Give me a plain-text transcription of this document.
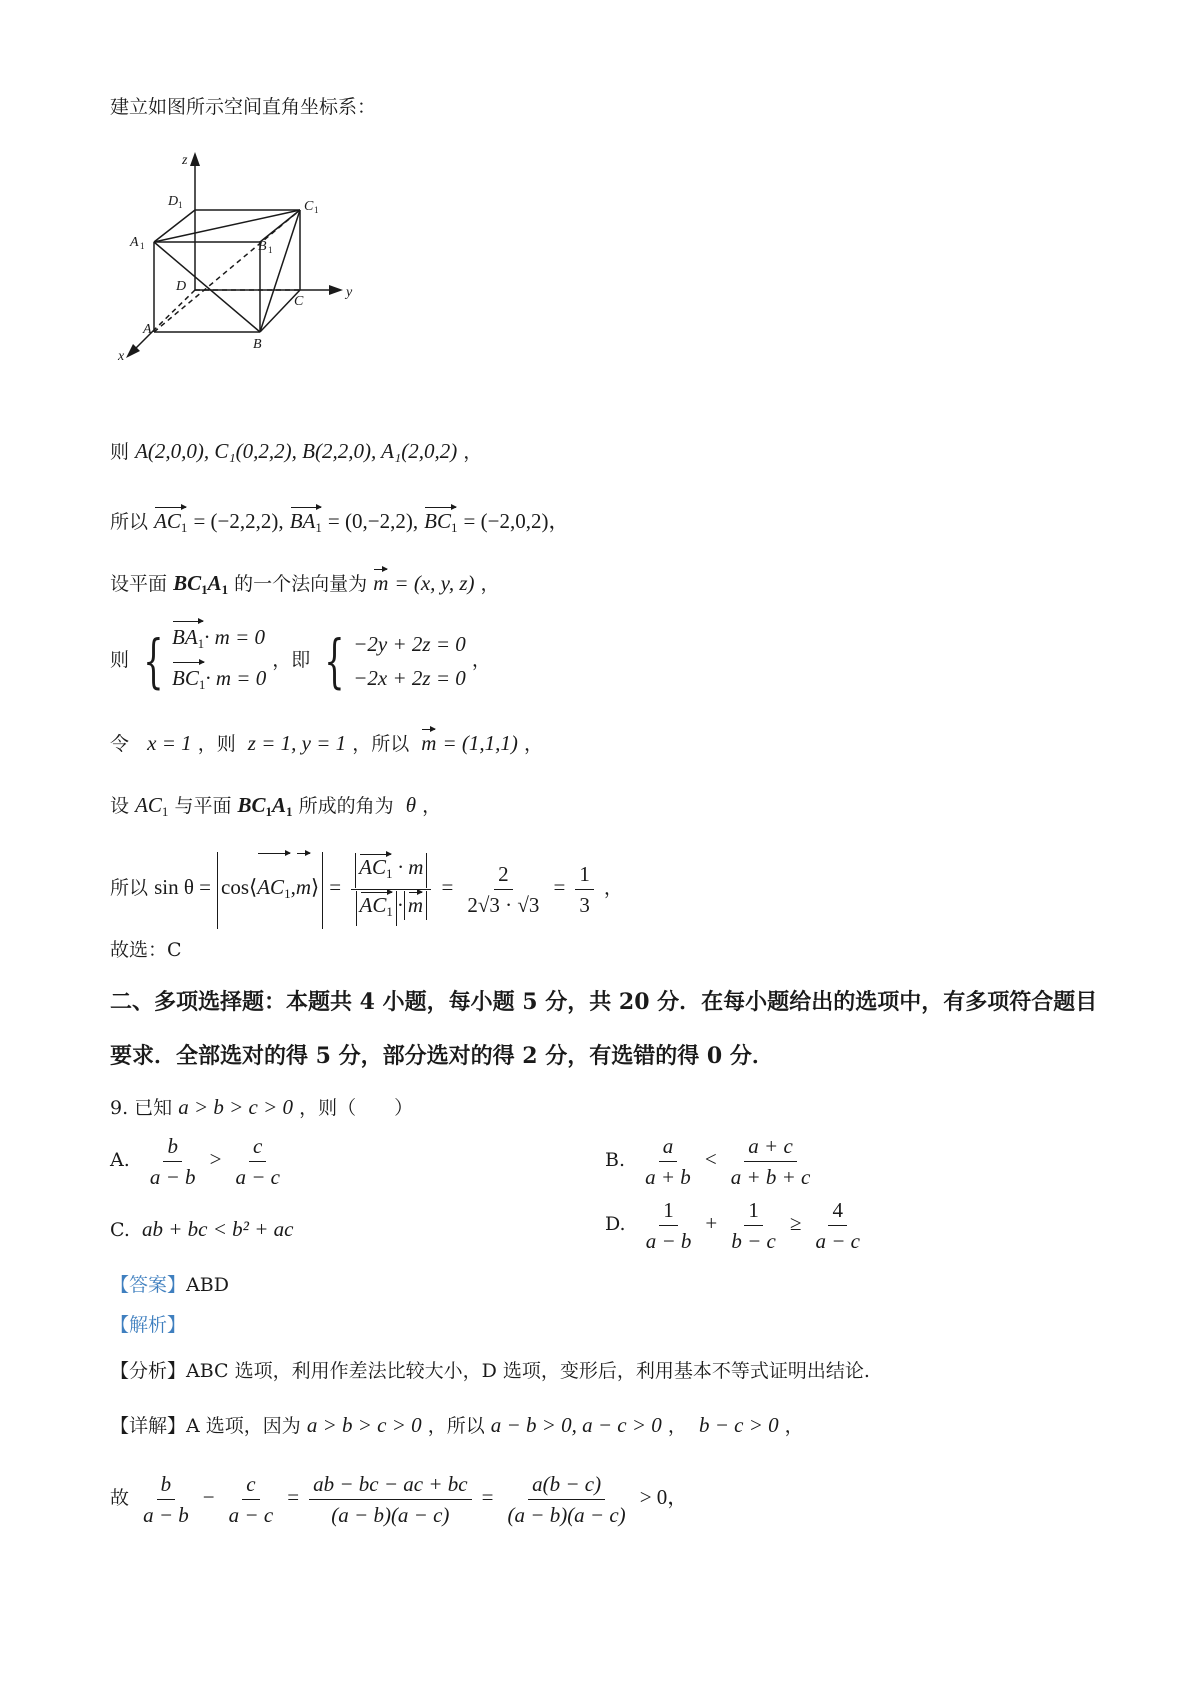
建立如图所示空间直角坐标系：
z
y
x
D	C
A	B
D
C
A
B
1	1
1	1
则 A(2,0,0), C₁(0,2,2), B(2,2,0), A₁(2,0,2) ，
所以 $AC_1 = (-2,2,2)$, $BA_1 = (0,-2,2)$, $BC_1 = (-2,0,2)$，
设平面 $BC_1A_1$ 的一个法向量为 m = (x, y, z) ，
则 { $BA_1\cdot m = 0$
$BC_1\cdot m = 0$
，即 { −2y + 2z = 0
−2x + 2z = 0
，
令 x = 1 ，则 z = 1, y = 1 ，所以 m = (1,1,1) ，
设 $AC_1$ 与平面 $BC_1A_1$ 所成的角为 θ ，
所以 $\sin \theta = \cos⟨AC_1,m⟩ = \frac{AC_1 \cdot m}{AC_1 \cdot m} = \frac{2}{2√3 \cdot √3} = \frac{1}{3}$ ，
故选：C
二、多项选择题：本题共 4 小题，每小题 5 分，共 20 分．在每小题给出的选项中，有多项符合题目要求．全部选对的得 5 分，部分选对的得 2 分，有选错的得 0 分．
9. 已知 a > b > c > 0 ，则（　　）
A. $\frac{b}{a - b} > \frac{c}{a - c}$	B. $\frac{a}{a + b} < \frac{a + c}{a + b + c}$
C. ab + bc < b² + ac	D. $\frac{1}{a - b} + \frac{1}{b - c} \ge \frac{4}{a - c}$
【答案】ABD
【解析】
【分析】ABC 选项，利用作差法比较大小，D 选项，变形后，利用基本不等式证明出结论.
【详解】A 选项，因为 a > b > c > 0 ，所以 a − b > 0, a − c > 0 ， b − c > 0 ，
故 $\frac{b}{a - b} - \frac{c}{a - c} = \frac{ab - bc - ac + bc}{(a - b)(a - c)} = \frac{a(b - c)}{(a - b)(a - c)} > 0$，
